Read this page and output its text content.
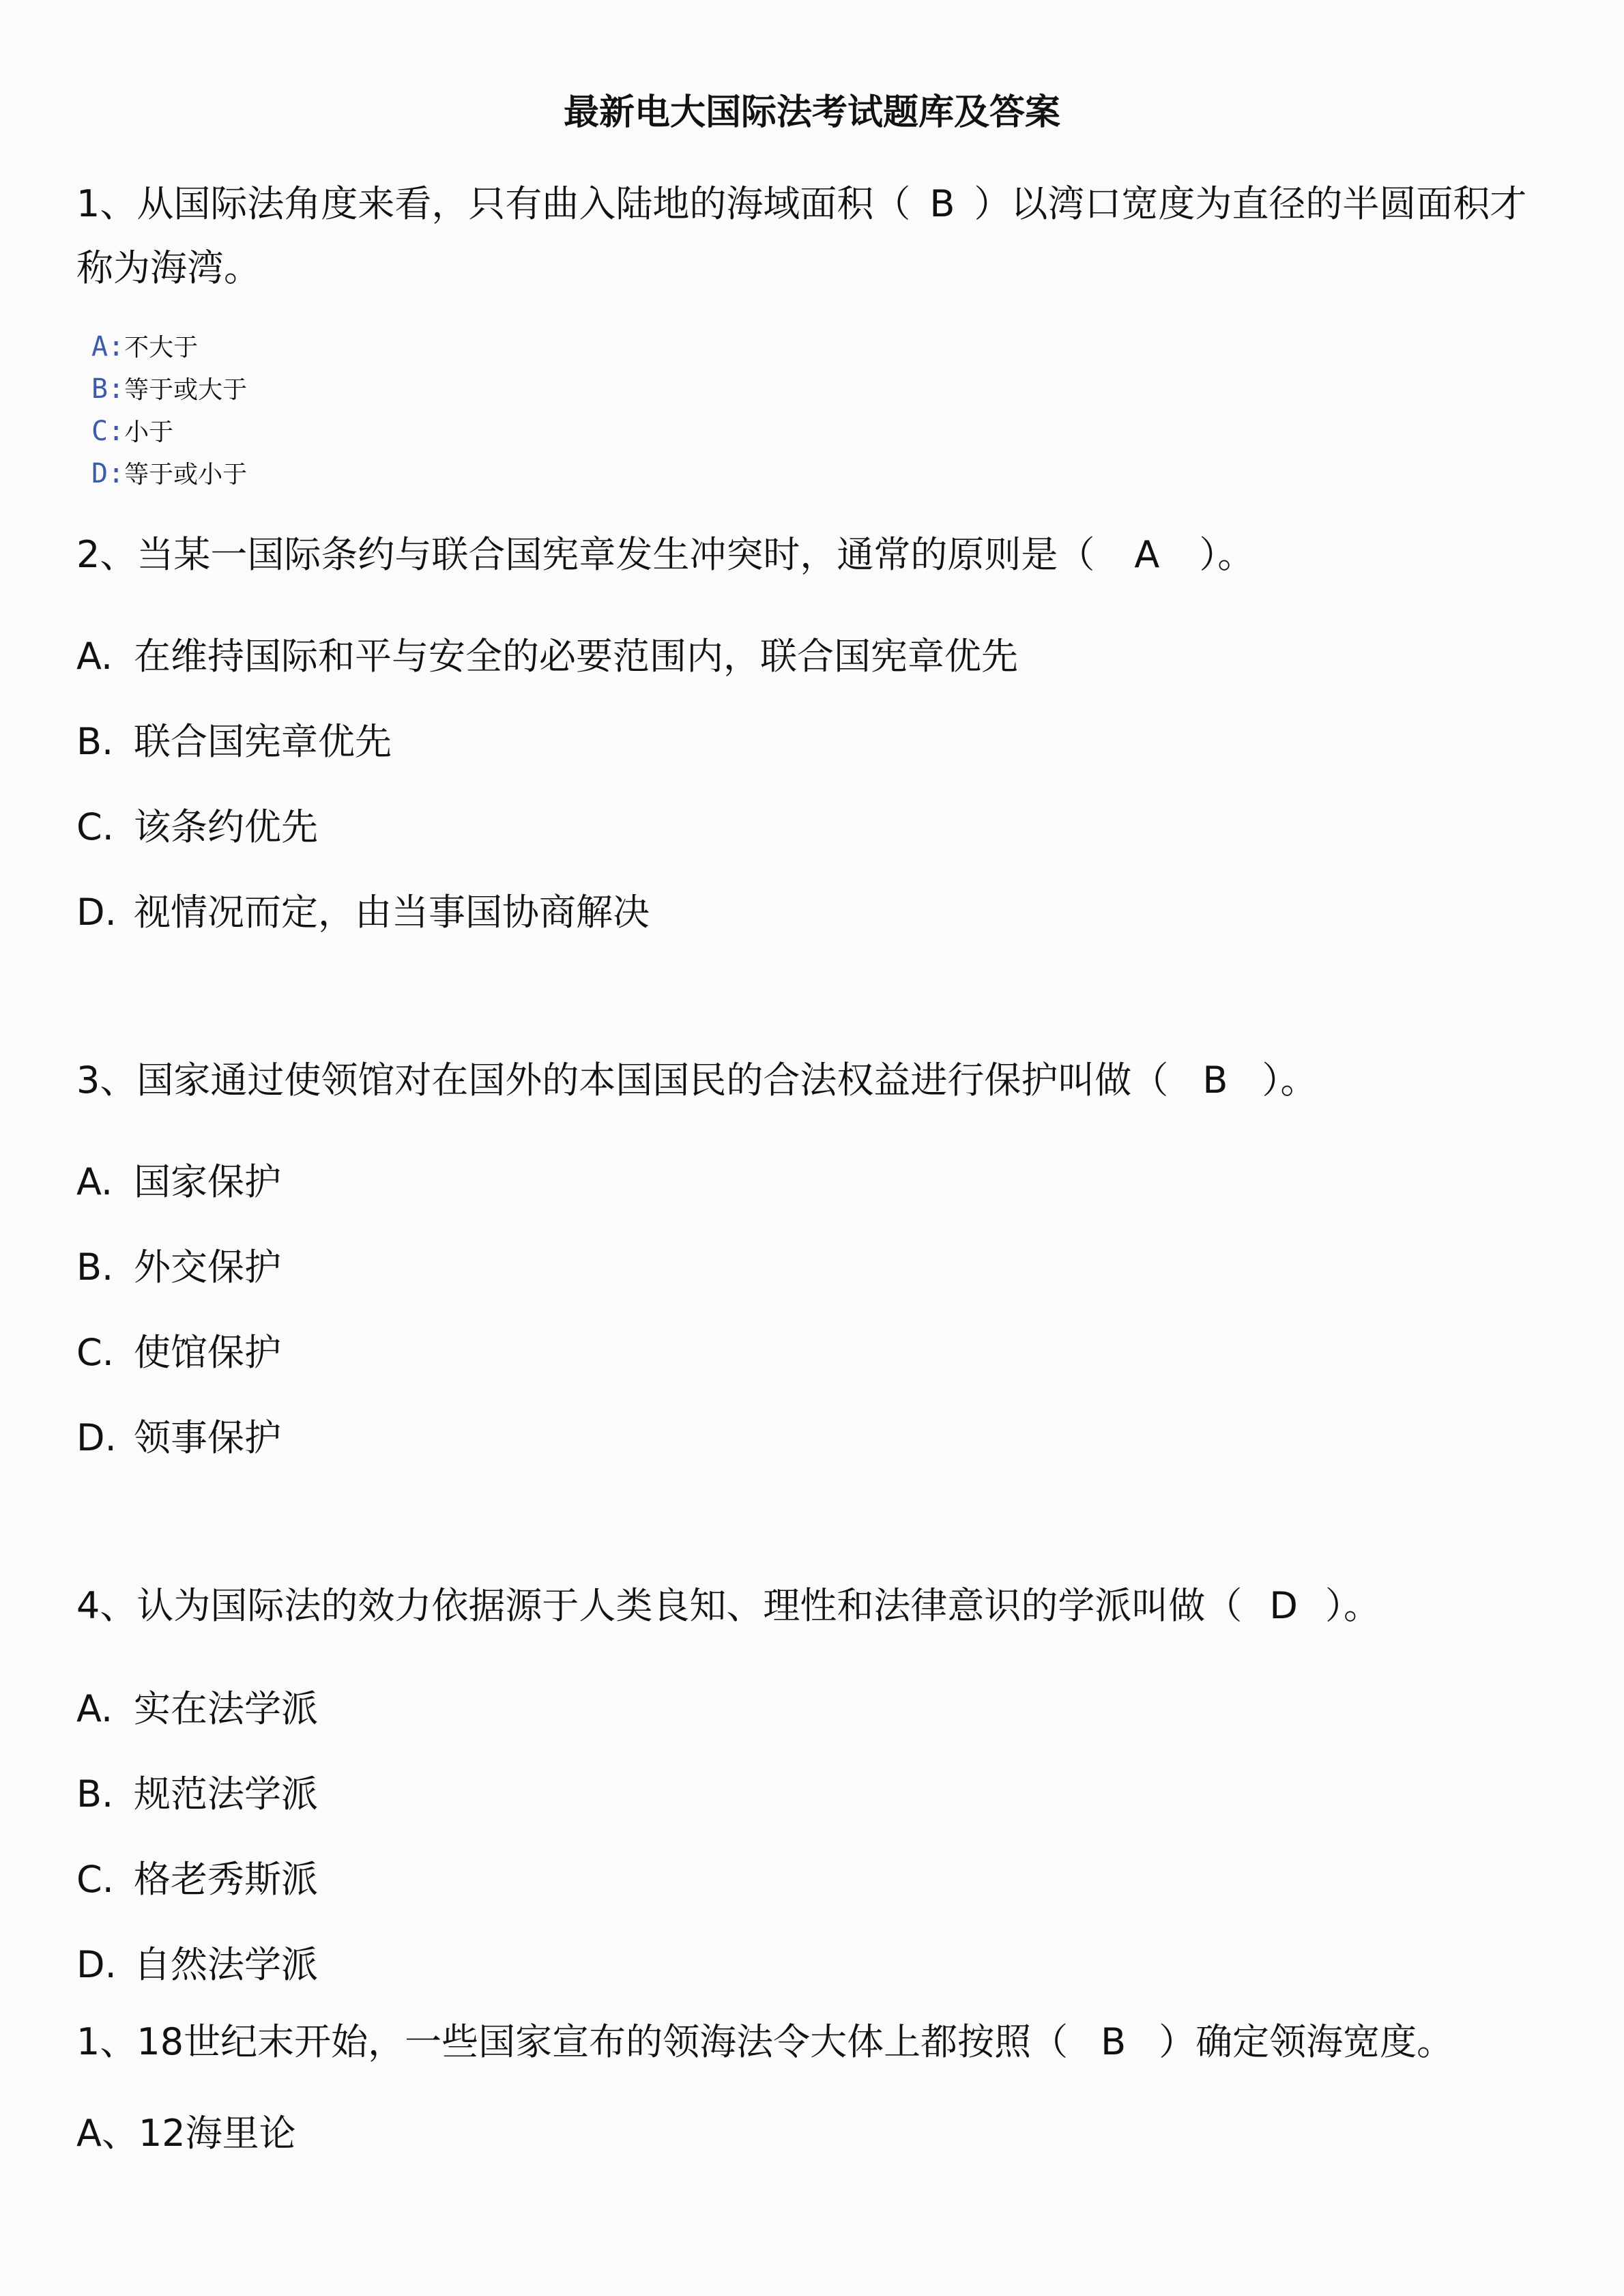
最新电大国际法考试题库及答案

1、从国际法角度来看，只有曲入陆地的海域面积（ B ）以湾口宽度为直径的半圆面积才称为海湾。

A:不大于
B:等于或大于
C:小于
D:等于或小于

2、当某一国际条约与联合国宪章发生冲突时，通常的原则是（ A ）。

A. 在维持国际和平与安全的必要范围内，联合国宪章优先

B. 联合国宪章优先

C. 该条约优先

D. 视情况而定，由当事国协商解决

3、国家通过使领馆对在国外的本国国民的合法权益进行保护叫做（ B ）。

A. 国家保护

B. 外交保护

C. 使馆保护

D. 领事保护

4、认为国际法的效力依据源于人类良知、理性和法律意识的学派叫做（ D ）。

A. 实在法学派

B. 规范法学派

C. 格老秀斯派

D. 自然法学派

1、18世纪末开始，一些国家宣布的领海法令大体上都按照（ B ）确定领海宽度。

A、12海里论
